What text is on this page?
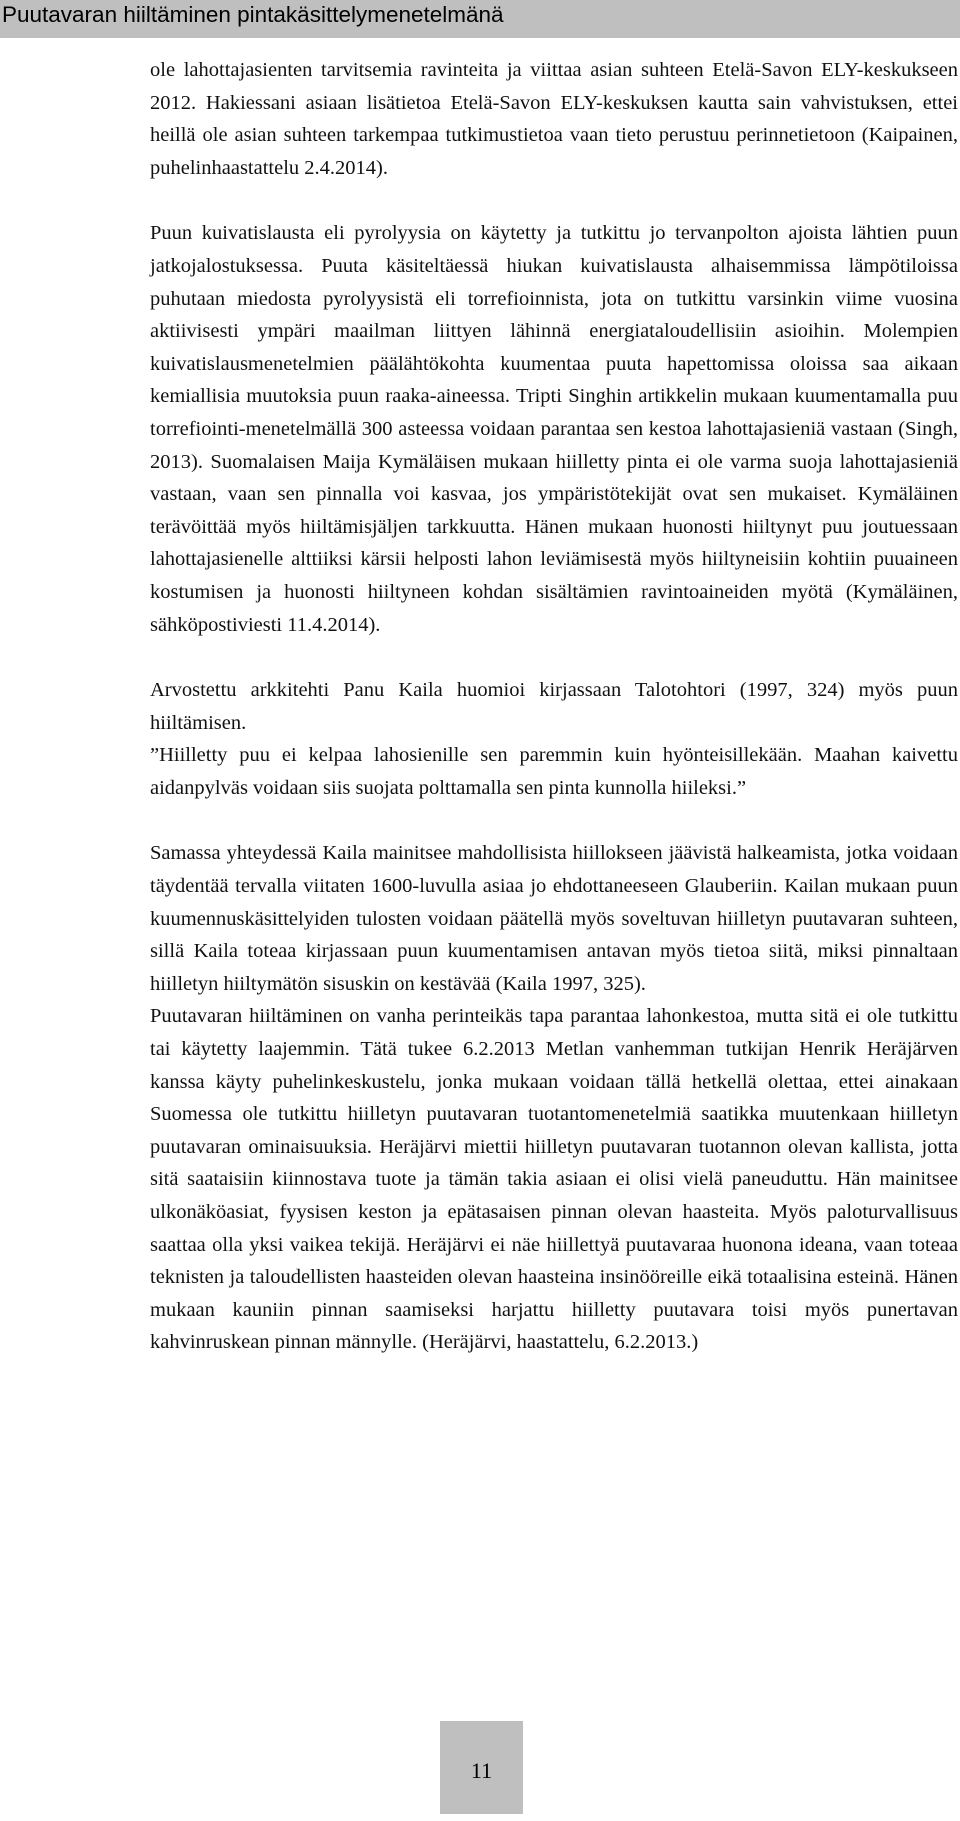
Puutavaran hiiltäminen pintakäsittelymenetelmänä

ole lahottajasienten tarvitsemia ravinteita ja viittaa asian suhteen Etelä-Savon ELY-keskukseen 2012. Hakiessani asiaan lisätietoa Etelä-Savon ELY-keskuksen kautta sain vahvistuksen, ettei heillä ole asian suhteen tarkempaa tutkimustietoa vaan tieto perustuu perinnetietoon (Kaipainen, puhelinhaastattelu 2.4.2014).

Puun kuivatislausta eli pyrolyysia on käytetty ja tutkittu jo tervanpolton ajoista lähtien puun jatkojalostuksessa. Puuta käsiteltäessä hiukan kuivatislausta alhaisemmissa lämpötiloissa puhutaan miedosta pyrolyysistä eli torrefioinnista, jota on tutkittu varsinkin viime vuosina aktiivisesti ympäri maailman liittyen lähinnä energiataloudellisiin asioihin. Molempien kuivatislausmenetelmien päälähtökohta kuumentaa puuta hapettomissa oloissa saa aikaan kemiallisia muutoksia puun raaka-aineessa. Tripti Singhin artikkelin mukaan kuumentamalla puu torrefiointi-menetelmällä 300 asteessa voidaan parantaa sen kestoa lahottajasieniä vastaan (Singh, 2013). Suomalaisen Maija Kymäläisen mukaan hiilletty pinta ei ole varma suoja lahottajasieniä vastaan, vaan sen pinnalla voi kasvaa, jos ympäristötekijät ovat sen mukaiset. Kymäläinen terävöittää myös hiiltämisjäljen tarkkuutta. Hänen mukaan huonosti hiiltynyt puu joutuessaan lahottajasienelle alttiiksi kärsii helposti lahon leviämisestä myös hiiltyneisiin kohtiin puuaineen kostumisen ja huonosti hiiltyneen kohdan sisältämien ravintoaineiden myötä (Kymäläinen, sähköpostiviesti 11.4.2014).

Arvostettu arkkitehti Panu Kaila huomioi kirjassaan Talotohtori (1997, 324) myös puun hiiltämisen.

”Hiilletty puu ei kelpaa lahosienille sen paremmin kuin hyönteisillekään. Maahan kaivettu aidanpylväs voidaan siis suojata polttamalla sen pinta kunnolla hiileksi.”

Samassa yhteydessä Kaila mainitsee mahdollisista hiillokseen jäävistä halkeamista, jotka voidaan täydentää tervalla viitaten 1600-luvulla asiaa jo ehdottaneeseen Glauberiin. Kailan mukaan puun kuumennuskäsittelyiden tulosten voidaan päätellä myös soveltuvan hiilletyn puutavaran suhteen, sillä Kaila toteaa kirjassaan puun kuumentamisen antavan myös tietoa siitä, miksi pinnaltaan hiilletyn hiiltymätön sisuskin on kestävää (Kaila 1997, 325).

Puutavaran hiiltäminen on vanha perinteikäs tapa parantaa lahonkestoa, mutta sitä ei ole tutkittu tai käytetty laajemmin. Tätä tukee 6.2.2013 Metlan vanhemman tutkijan Henrik Heräjärven kanssa käyty puhelinkeskustelu, jonka mukaan voidaan tällä hetkellä olettaa, ettei ainakaan Suomessa ole tutkittu hiilletyn puutavaran tuotantomenetelmiä saatikka muutenkaan hiilletyn puutavaran ominaisuuksia. Heräjärvi miettii hiilletyn puutavaran tuotannon olevan kallista, jotta sitä saataisiin kiinnostava tuote ja tämän takia asiaan ei olisi vielä paneuduttu. Hän mainitsee ulkonäköasiat, fyysisen keston ja epätasaisen pinnan olevan haasteita. Myös paloturvallisuus saattaa olla yksi vaikea tekijä. Heräjärvi ei näe hiillettyä puutavaraa huonona ideana, vaan toteaa teknisten ja taloudellisten haasteiden olevan haasteina insinööreille eikä totaalisina esteinä. Hänen mukaan kauniin pinnan saamiseksi harjattu hiilletty puutavara toisi myös punertavan kahvinruskean pinnan männylle. (Heräjärvi, haastattelu, 6.2.2013.)

11
